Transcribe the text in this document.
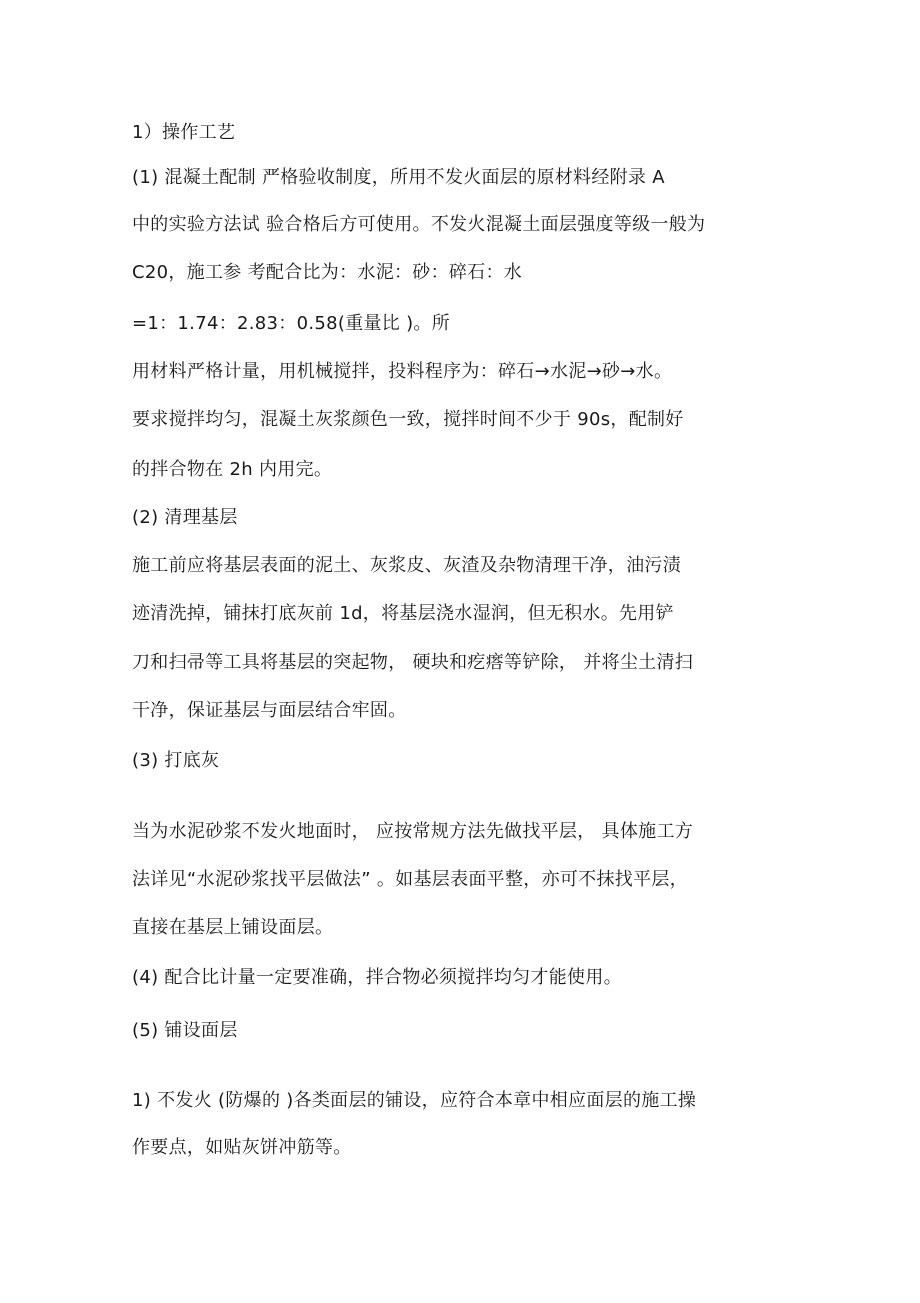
1）操作工艺
(1) 混凝土配制 严格验收制度，所用不发火面层的原材料经附录 A
中的实验方法试 验合格后方可使用。不发火混凝土面层强度等级一般为
C20，施工参 考配合比为：水泥：砂：碎石：水
=1：1.74：2.83：0.58(重量比 )。所
用材料严格计量，用机械搅拌，投料程序为：碎石→水泥→砂→水。
要求搅拌均匀，混凝土灰浆颜色一致，搅拌时间不少于 90s，配制好
的拌合物在 2h 内用完。
(2) 清理基层
施工前应将基层表面的泥土、灰浆皮、灰渣及杂物清理干净，油污渍
迹清洗掉，铺抹打底灰前 1d，将基层浇水湿润，但无积水。先用铲
刀和扫帚等工具将基层的突起物， 硬块和疙瘩等铲除， 并将尘土清扫
干净，保证基层与面层结合牢固。
(3) 打底灰
当为水泥砂浆不发火地面时， 应按常规方法先做找平层， 具体施工方
法详见“水泥砂浆找平层做法” 。如基层表面平整，亦可不抹找平层，
直接在基层上铺设面层。
(4) 配合比计量一定要准确，拌合物必须搅拌均匀才能使用。
(5) 铺设面层
1) 不发火 (防爆的 )各类面层的铺设，应符合本章中相应面层的施工操
作要点，如贴灰饼冲筋等。
